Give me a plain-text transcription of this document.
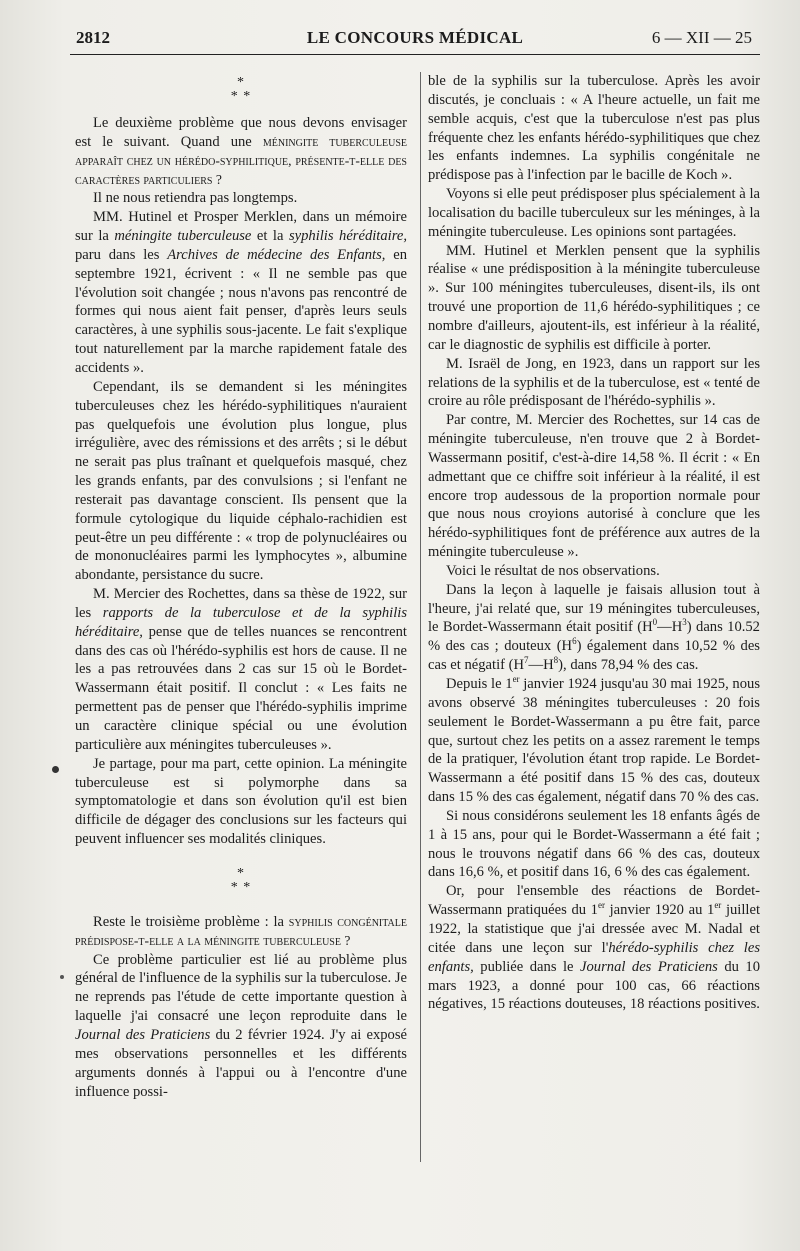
2812	LE CONCOURS MÉDICAL	6 — XII — 25
*
* *

Le deuxième problème que nous devons envisager est le suivant. Quand une méningite tuberculeuse apparaît chez un hérédo-syphilitique, présente-t-elle des caractères particuliers ?

Il ne nous retiendra pas longtemps.

MM. Hutinel et Prosper Merklen, dans un mémoire sur la méningite tuberculeuse et la syphilis héréditaire, paru dans les Archives de médecine des Enfants, en septembre 1921, écrivent : « Il ne semble pas que l'évolution soit changée ; nous n'avons pas rencontré de formes qui nous aient fait penser, d'après leurs seuls caractères, à une syphilis sous-jacente. Le fait s'explique tout naturellement par la marche rapidement fatale des accidents ».

Cependant, ils se demandent si les méningites tuberculeuses chez les hérédo-syphilitiques n'auraient pas quelquefois une évolution plus longue, plus irrégulière, avec des rémissions et des arrêts ; si le début ne serait pas plus traînant et quelquefois masqué, chez les grands enfants, par des convulsions ; si l'enfant ne resterait pas davantage conscient. Ils pensent que la formule cytologique du liquide céphalo-rachidien est peut-être un peu différente : « trop de polynucléaires ou de mononucléaires parmi les lymphocytes », albumine abondante, persistance du sucre.

M. Mercier des Rochettes, dans sa thèse de 1922, sur les rapports de la tuberculose et de la syphilis héréditaire, pense que de telles nuances se rencontrent dans des cas où l'hérédo-syphilis est hors de cause. Il ne les a pas retrouvées dans 2 cas sur 15 où le Bordet-Wassermann était positif. Il conclut : « Les faits ne permettent pas de penser que l'hérédo-syphilis imprime un caractère clinique spécial ou une évolution particulière aux méningites tuberculeuses ».

Je partage, pour ma part, cette opinion. La méningite tuberculeuse est si polymorphe dans sa symptomatologie et dans son évolution qu'il est bien difficile de dégager des conclusions sur les facteurs qui peuvent influencer ses modalités cliniques.

*
* *

Reste le troisième problème : la syphilis congénitale prédispose-t-elle a la méningite tuberculeuse ?

Ce problème particulier est lié au problème plus général de l'influence de la syphilis sur la tuberculose. Je ne reprends pas l'étude de cette importante question à laquelle j'ai consacré une leçon reproduite dans le Journal des Praticiens du 2 février 1924. J'y ai exposé mes observations personnelles et les différents arguments donnés à l'appui ou à l'encontre d'une influence possi-

ble de la syphilis sur la tuberculose. Après les avoir discutés, je concluais : « A l'heure actuelle, un fait me semble acquis, c'est que la tuberculose n'est pas plus fréquente chez les enfants hérédo-syphilitiques que chez les enfants indemnes. La syphilis congénitale ne prédispose pas à l'infection par le bacille de Koch ».

Voyons si elle peut prédisposer plus spécialement à la localisation du bacille tuberculeux sur les méninges, à la méningite tuberculeuse. Les opinions sont partagées.

MM. Hutinel et Merklen pensent que la syphilis réalise « une prédisposition à la méningite tuberculeuse ». Sur 100 méningites tuberculeuses, disent-ils, ils ont trouvé une proportion de 11,6 hérédo-syphilitiques ; ce nombre d'ailleurs, ajoutent-ils, est inférieur à la réalité, car le diagnostic de syphilis est difficile à porter.

M. Israël de Jong, en 1923, dans un rapport sur les relations de la syphilis et de la tuberculose, est « tenté de croire au rôle prédisposant de l'hérédo-syphilis ».

Par contre, M. Mercier des Rochettes, sur 14 cas de méningite tuberculeuse, n'en trouve que 2 à Bordet-Wassermann positif, c'est-à-dire 14,58 %. Il écrit : « En admettant que ce chiffre soit inférieur à la réalité, il est encore trop audessous de la proportion normale pour que nous nous croyions autorisé à conclure que les hérédo-syphilitiques font de préférence aux autres de la méningite tuberculeuse ».

Voici le résultat de nos observations.

Dans la leçon à laquelle je faisais allusion tout à l'heure, j'ai relaté que, sur 19 méningites tuberculeuses, le Bordet-Wassermann était positif $(H^0—H^3)$ dans 10.52 % des cas ; douteux $(H^6)$ également dans 10,52 % des cas et négatif $(H^7—H^8)$, dans 78,94 % des cas.

Depuis le 1er janvier 1924 jusqu'au 30 mai 1925, nous avons observé 38 méningites tuberculeuses : 20 fois seulement le Bordet-Wassermann a pu être fait, parce que, surtout chez les petits on a assez rarement le temps de la pratiquer, l'évolution étant trop rapide. Le Bordet-Wassermann a été positif dans 15 % des cas, douteux dans 15 % des cas également, négatif dans 70 % des cas.

Si nous considérons seulement les 18 enfants âgés de 1 à 15 ans, pour qui le Bordet-Wassermann a été fait ; nous le trouvons négatif dans 66 % des cas, douteux dans 16,6 %, et positif dans 16, 6 % des cas également.

Or, pour l'ensemble des réactions de Bordet-Wassermann pratiquées du 1er janvier 1920 au 1er juillet 1922, la statistique que j'ai dressée avec M. Nadal et citée dans une leçon sur l'hérédo-syphilis chez les enfants, publiée dans le Journal des Praticiens du 10 mars 1923, a donné pour 100 cas, 66 réactions négatives, 15 réactions douteuses, 18 réactions positives.
